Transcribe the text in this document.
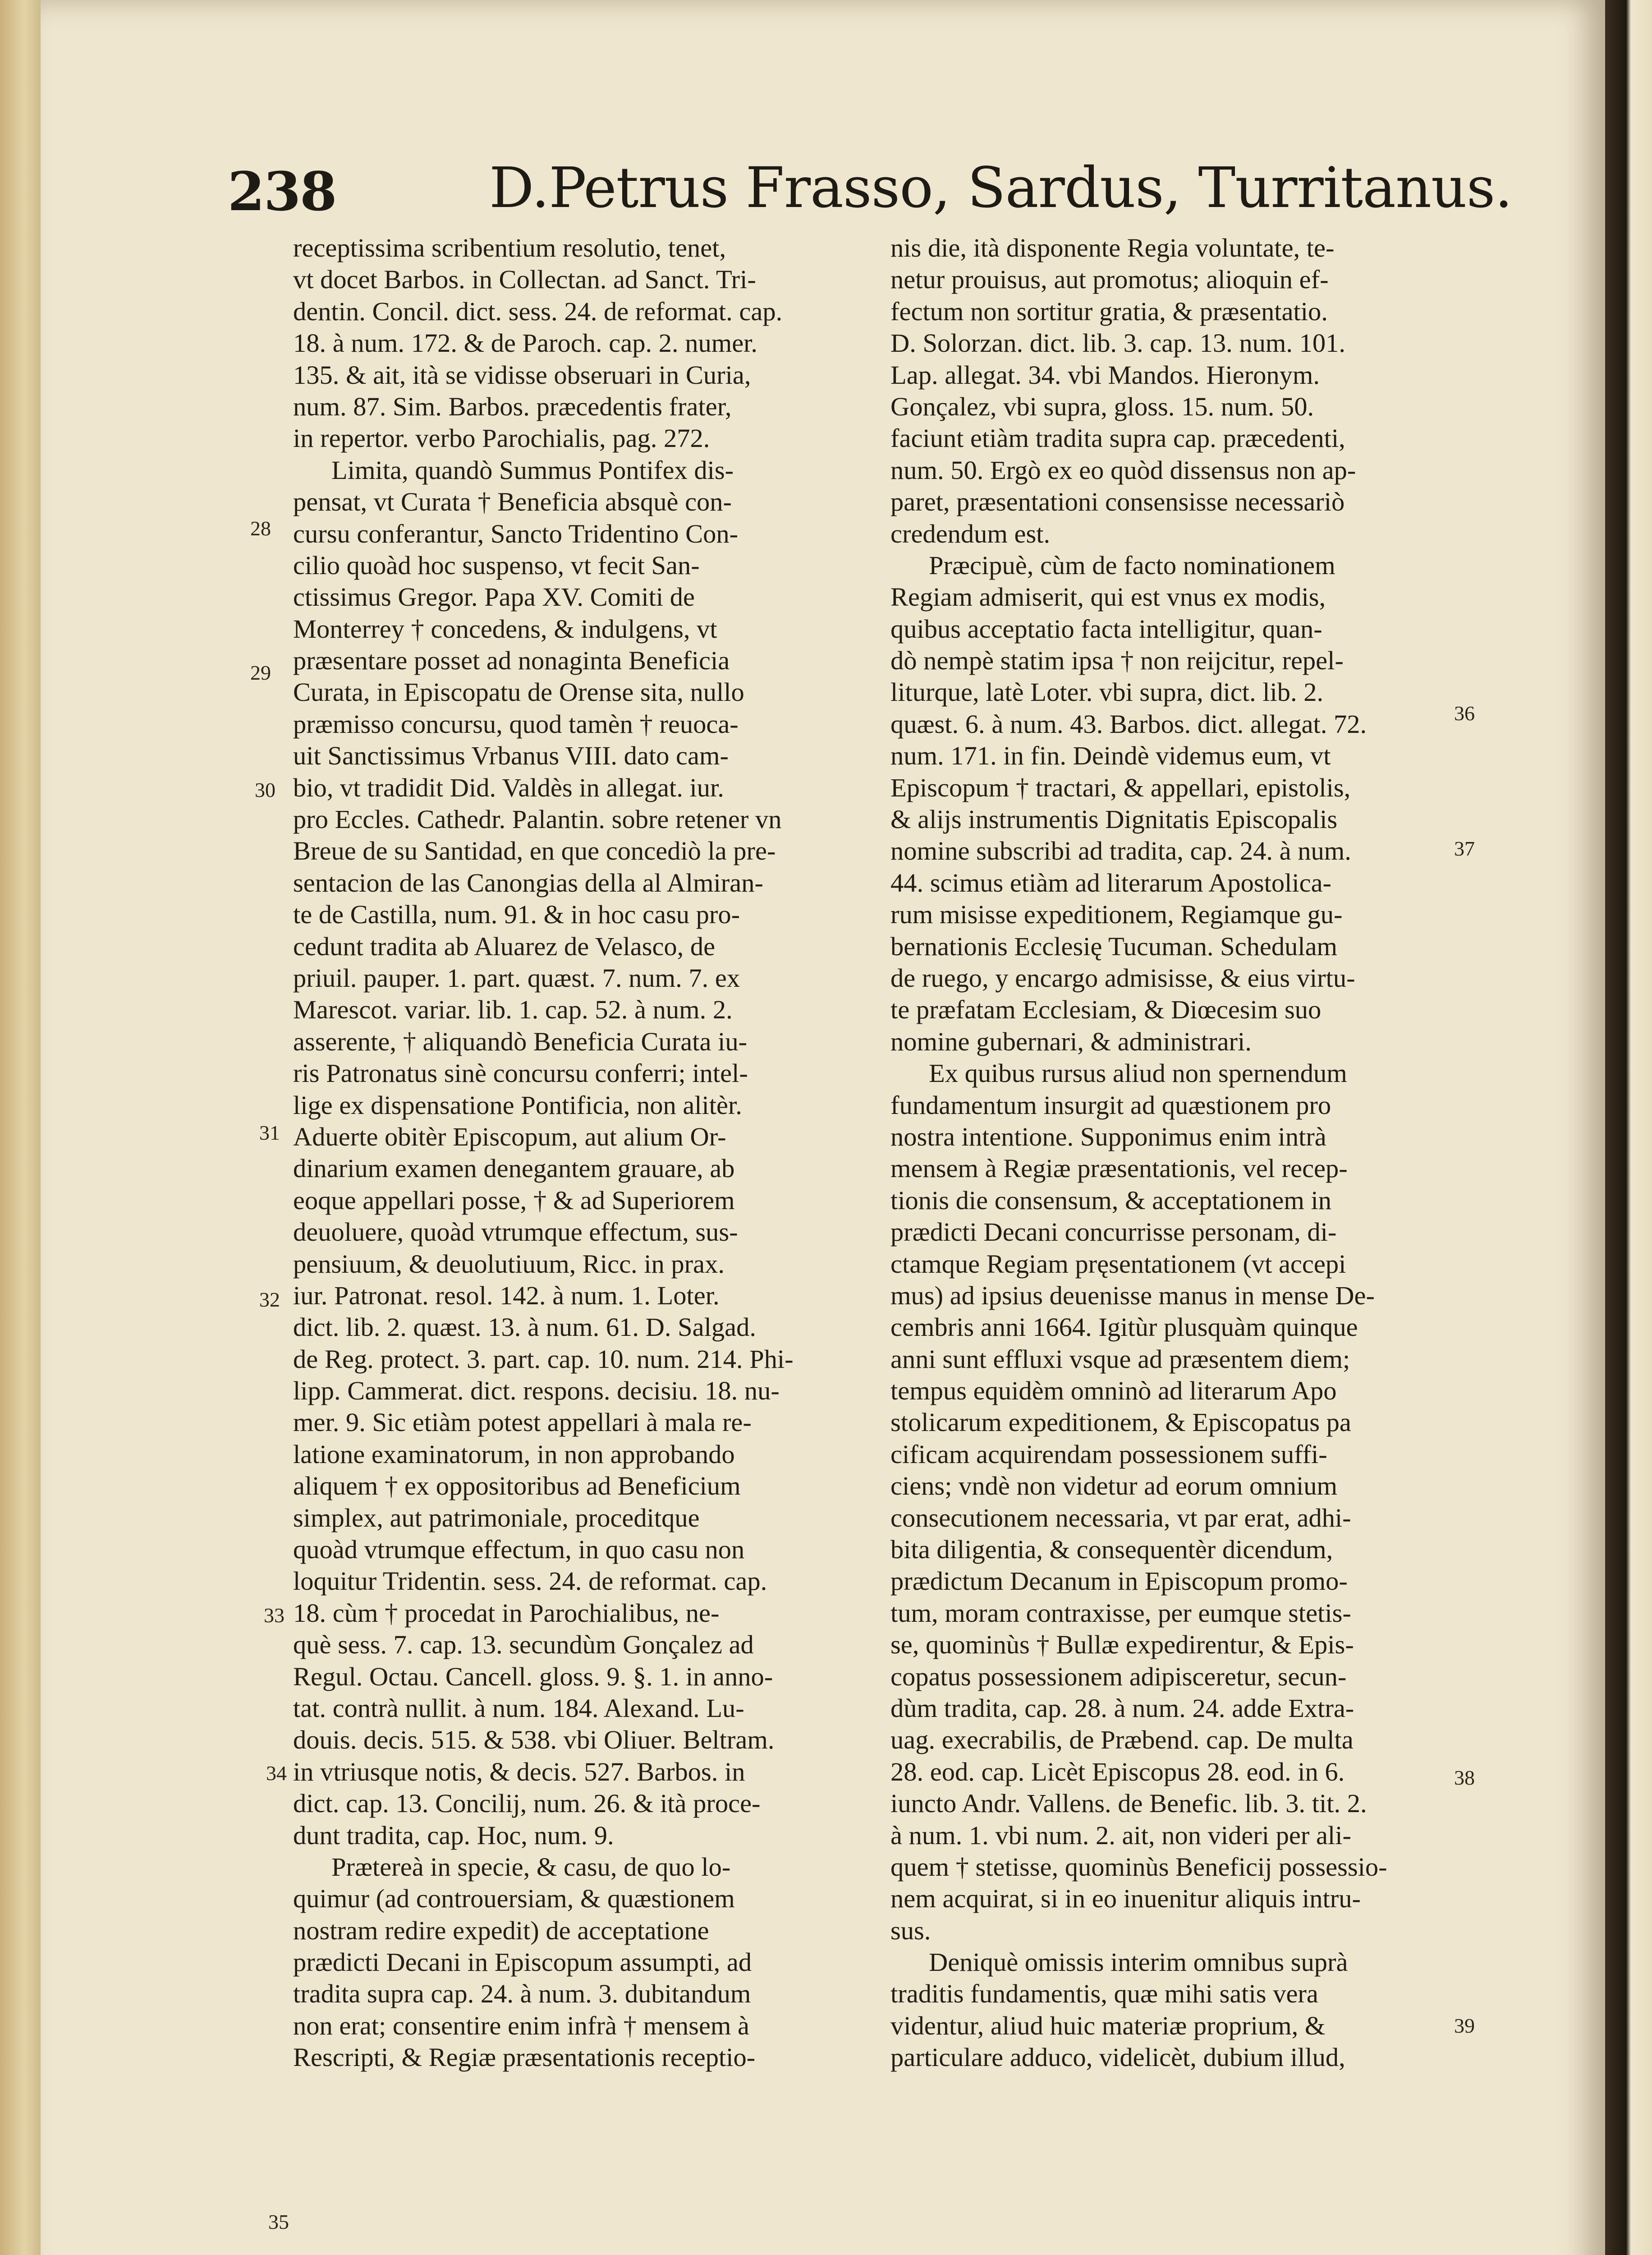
238	D.Petrus Frasso, Sardus, Turritanus.
receptissima scribentium resolutio, tenet,
vt docet Barbos. in Collectan. ad Sanct. Tri-
dentin. Concil. dict. sess. 24. de reformat. cap.
18. à num. 172. & de Paroch. cap. 2. numer.
135. & ait, ità se vidisse obseruari in Curia,
num. 87. Sim. Barbos. præcedentis frater,
in repertor. verbo Parochialis, pag. 272.
Limita, quandò Summus Pontifex dis-
pensat, vt Curata † Beneficia absquè con-
cursu conferantur, Sancto Tridentino Con-
cilio quoàd hoc suspenso, vt fecit San-
ctissimus Gregor. Papa XV. Comiti de
Monterrey † concedens, & indulgens, vt
præsentare posset ad nonaginta Beneficia
Curata, in Episcopatu de Orense sita, nullo
præmisso concursu, quod tamèn † reuoca-
uit Sanctissimus Vrbanus VIII. dato cam-
bio, vt tradidit Did. Valdès in allegat. iur.
pro Eccles. Cathedr. Palantin. sobre retener vn
Breue de su Santidad, en que concediò la pre-
sentacion de las Canongias della al Almiran-
te de Castilla, num. 91. & in hoc casu pro-
cedunt tradita ab Aluarez de Velasco, de
priuil. pauper. 1. part. quæst. 7. num. 7. ex
Marescot. variar. lib. 1. cap. 52. à num. 2.
asserente, † aliquandò Beneficia Curata iu-
ris Patronatus sinè concursu conferri; intel-
lige ex dispensatione Pontificia, non alitèr.
Aduerte obitèr Episcopum, aut alium Or-
dinarium examen denegantem grauare, ab
eoque appellari posse, † & ad Superiorem
deuoluere, quoàd vtrumque effectum, sus-
pensiuum, & deuolutiuum, Ricc. in prax.
iur. Patronat. resol. 142. à num. 1. Loter.
dict. lib. 2. quæst. 13. à num. 61. D. Salgad.
de Reg. protect. 3. part. cap. 10. num. 214. Phi-
lipp. Cammerat. dict. respons. decisiu. 18. nu-
mer. 9. Sic etiàm potest appellari à mala re-
latione examinatorum, in non approbando
aliquem † ex oppositoribus ad Beneficium
simplex, aut patrimoniale, proceditque
quoàd vtrumque effectum, in quo casu non
loquitur Tridentin. sess. 24. de reformat. cap.
18. cùm † procedat in Parochialibus, ne-
què sess. 7. cap. 13. secundùm Gonçalez ad
Regul. Octau. Cancell. gloss. 9. §. 1. in anno-
tat. contrà nullit. à num. 184. Alexand. Lu-
douis. decis. 515. & 538. vbi Oliuer. Beltram.
in vtriusque notis, & decis. 527. Barbos. in
dict. cap. 13. Concilij, num. 26. & ità proce-
dunt tradita, cap. Hoc, num. 9.
Prætereà in specie, & casu, de quo lo-
quimur (ad controuersiam, & quæstionem
nostram redire expedit) de acceptatione
prædicti Decani in Episcopum assumpti, ad
tradita supra cap. 24. à num. 3. dubitandum
non erat; consentire enim infrà † mensem à
Rescripti, & Regiæ præsentationis receptio-
nis die, ità disponente Regia voluntate, te-
netur prouisus, aut promotus; alioquin ef-
fectum non sortitur gratia, & præsentatio.
D. Solorzan. dict. lib. 3. cap. 13. num. 101.
Lap. allegat. 34. vbi Mandos. Hieronym.
Gonçalez, vbi supra, gloss. 15. num. 50.
faciunt etiàm tradita supra cap. præcedenti,
num. 50. Ergò ex eo quòd dissensus non ap-
paret, præsentationi consensisse necessariò
credendum est.
Præcipuè, cùm de facto nominationem
Regiam admiserit, qui est vnus ex modis,
quibus acceptatio facta intelligitur, quan-
dò nempè statim ipsa † non reijcitur, repel-
liturque, latè Loter. vbi supra, dict. lib. 2.
quæst. 6. à num. 43. Barbos. dict. allegat. 72.
num. 171. in fin. Deindè videmus eum, vt
Episcopum † tractari, & appellari, epistolis,
& alijs instrumentis Dignitatis Episcopalis
nomine subscribi ad tradita, cap. 24. à num.
44. scimus etiàm ad literarum Apostolica-
rum misisse expeditionem, Regiamque gu-
bernationis Ecclesię Tucuman. Schedulam
de ruego, y encargo admisisse, & eius virtu-
te præfatam Ecclesiam, & Diœcesim suo
nomine gubernari, & administrari.
Ex quibus rursus aliud non spernendum
fundamentum insurgit ad quæstionem pro
nostra intentione. Supponimus enim intrà
mensem à Regiæ præsentationis, vel recep-
tionis die consensum, & acceptationem in
prædicti Decani concurrisse personam, di-
ctamque Regiam pręsentationem (vt accepi
mus) ad ipsius deuenisse manus in mense De-
cembris anni 1664. Igitùr plusquàm quinque
anni sunt effluxi vsque ad præsentem diem;
tempus equidèm omninò ad literarum Apo
stolicarum expeditionem, & Episcopatus pa
cificam acquirendam possessionem suffi-
ciens; vndè non videtur ad eorum omnium
consecutionem necessaria, vt par erat, adhi-
bita diligentia, & consequentèr dicendum,
prædictum Decanum in Episcopum promo-
tum, moram contraxisse, per eumque stetis-
se, quominùs † Bullæ expedirentur, & Epis-
copatus possessionem adipisceretur, secun-
dùm tradita, cap. 28. à num. 24. adde Extra-
uag. execrabilis, de Præbend. cap. De multa
28. eod. cap. Licèt Episcopus 28. eod. in 6.
iuncto Andr. Vallens. de Benefic. lib. 3. tit. 2.
à num. 1. vbi num. 2. ait, non videri per ali-
quem † stetisse, quominùs Beneficij possessio-
nem acquirat, si in eo inuenitur aliquis intru-
sus.
Deniquè omissis interim omnibus suprà
traditis fundamentis, quæ mihi satis vera
videntur, aliud huic materiæ proprium, &
particulare adduco, videlicèt, dubium illud,
28
29
30
31
32
33
34
35
36
37
38
39
